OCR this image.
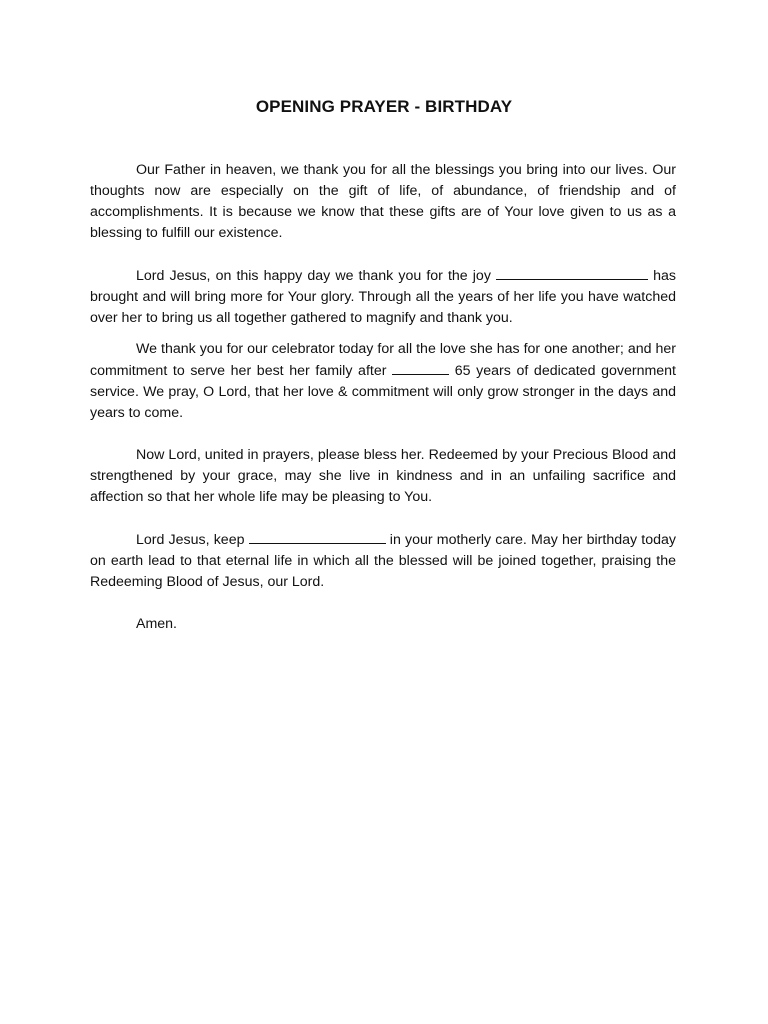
OPENING PRAYER - BIRTHDAY

Our Father in heaven, we thank you for all the blessings you bring into our lives. Our thoughts now are especially on the gift of life, of abundance, of friendship and of accomplishments. It is because we know that these gifts are of Your love given to us as a blessing to fulfill our existence.

Lord Jesus, on this happy day we thank you for the joy	has brought and will bring more for Your glory. Through all the years of her life you have watched over her to bring us all together gathered to magnify and thank you.

We thank you for our celebrator today for all the love she has for one another; and her commitment to serve her best her family after	65 years of dedicated government service. We pray, O Lord, that her love & commitment will only grow stronger in the days and years to come.

Now Lord, united in prayers, please bless her. Redeemed by your Precious Blood and strengthened by your grace, may she live in kindness and in an unfailing sacrifice and affection so that her whole life may be pleasing to You.

Lord Jesus, keep	in your motherly care. May her birthday today on earth lead to that eternal life in which all the blessed will be joined together, praising the Redeeming Blood of Jesus, our Lord.

Amen.
